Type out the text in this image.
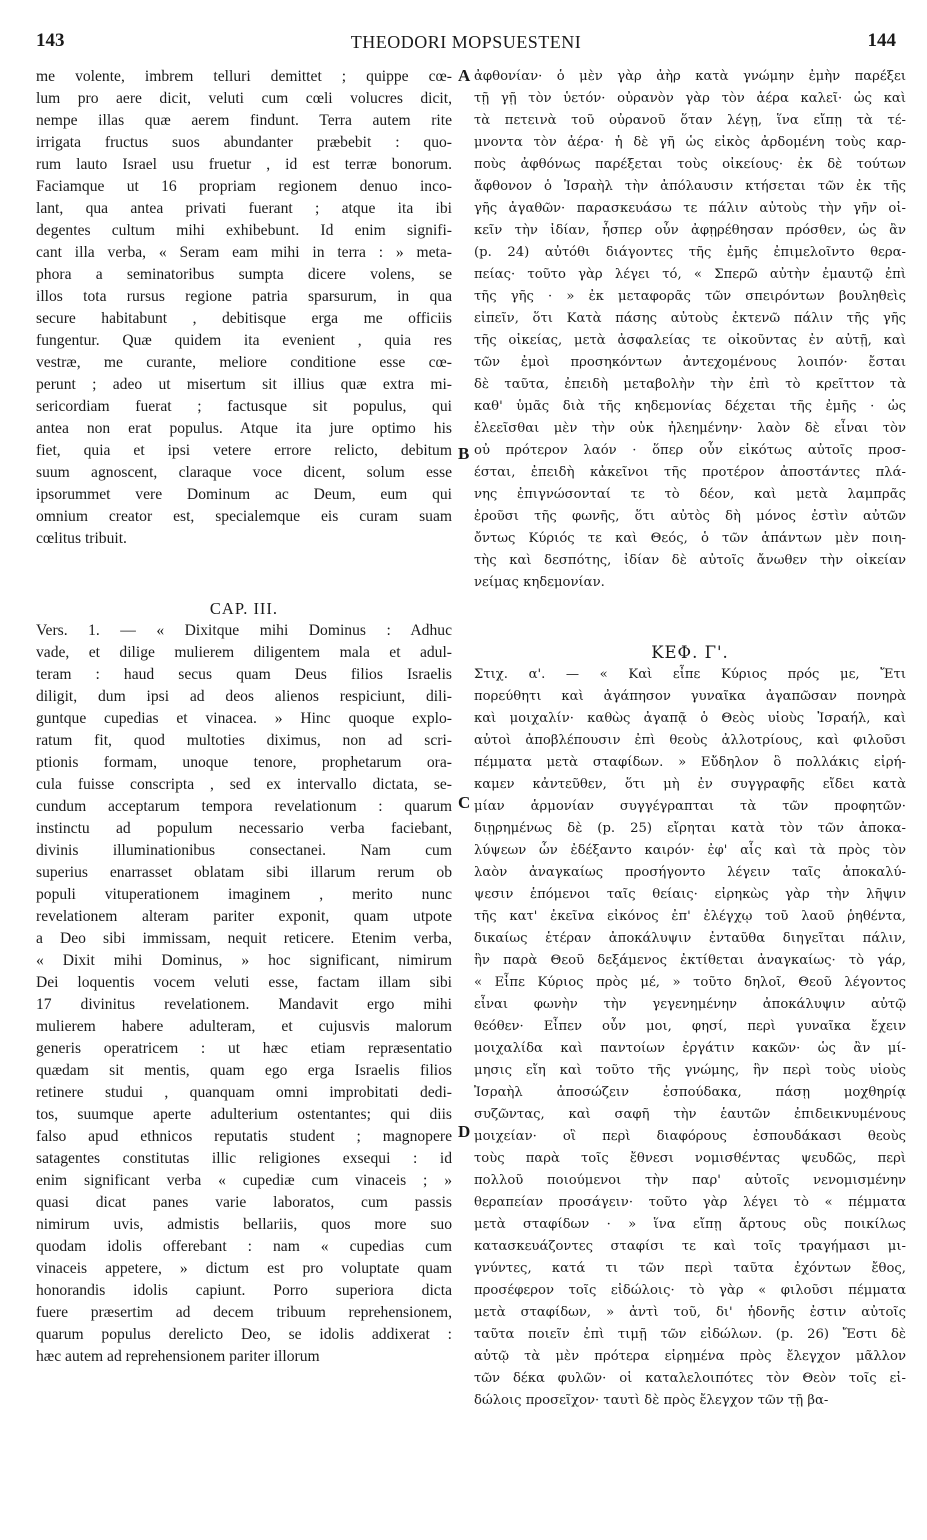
143	THEODORI MOPSUESTENI	144
A
B
C
D
me volente, imbrem telluri demittet ; quippe cœ-
lum pro aere dicit, veluti cum cœli volucres dicit,
nempe illas quæ aerem findunt. Terra autem rite
irrigata fructus suos abundanter præbebit : quo-
rum lauto Israel usu fruetur , id est terræ bonorum.
Faciamque ut 16 propriam regionem denuo inco-
lant, qua antea privati fuerant ; atque ita ibi
degentes cultum mihi exhibebunt. Id enim signifi-
cant illa verba, « Seram eam mihi in terra : » meta-
phora a seminatoribus sumpta dicere volens, se
illos tota rursus regione patria sparsurum, in qua
secure habitabunt , debitisque erga me officiis
fungentur. Quæ quidem ita evenient , quia res
vestræ, me curante, meliore conditione esse cœ-
perunt ; adeo ut misertum sit illius quæ extra mi-
sericordiam fuerat ; factusque sit populus, qui
antea non erat populus. Atque ita jure optimo his
fiet, quia et ipsi vetere errore relicto, debitum
suum agnoscent, claraque voce dicent, solum esse
ipsorummet vere Dominum ac Deum, eum qui
omnium creator est, specialemque eis curam suam
cœlitus tribuit.
CAP. III.
Vers. 1. — « Dixitque mihi Dominus : Adhuc
vade, et dilige mulierem diligentem mala et adul-
teram : haud secus quam Deus filios Israelis
diligit, dum ipsi ad deos alienos respiciunt, dili-
guntque cupedias et vinacea. » Hinc quoque explo-
ratum fit, quod multoties diximus, non ad scri-
ptionis formam, unoque tenore, prophetarum ora-
cula fuisse conscripta , sed ex intervallo dictata, se-
cundum acceptarum tempora revelationum : quarum
instinctu ad populum necessario verba faciebant,
divinis illuminationibus consectanei. Nam cum
superius enarrasset oblatam sibi illarum rerum ob
populi vituperationem imaginem , merito nunc
revelationem alteram pariter exponit, quam utpote
a Deo sibi immissam, nequit reticere. Etenim verba,
« Dixit mihi Dominus, » hoc significant, nimirum
Dei loquentis vocem veluti esse, factam illam sibi
17 divinitus revelationem. Mandavit ergo mihi
mulierem habere adulteram, et cujusvis malorum
generis operatricem : ut hæc etiam repræsentatio
quædam sit mentis, quam ego erga Israelis filios
retinere studui , quanquam omni improbitati dedi-
tos, suumque aperte adulterium ostentantes; qui diis
falso apud ethnicos reputatis student ; magnopere
satagentes constitutas illic religiones exsequi : id
enim significant verba « cupediæ cum vinaceis ; »
quasi dicat panes varie laboratos, cum passis
nimirum uvis, admistis bellariis, quos more suo
quodam idolis offerebant : nam « cupedias cum
vinaceis appetere, » dictum est pro voluptate quam
honorandis idolis capiunt. Porro superiora dicta
fuere præsertim ad decem tribuum reprehensionem,
quarum populus derelicto Deo, se idolis addixerat :
hæc autem ad reprehensionem pariter illorum
ἀφθονίαν· ὁ μὲν γὰρ ἀὴρ κατὰ γνώμην ἐμὴν παρέξει
τῇ γῇ τὸν ὑετόν· οὐρανὸν γὰρ τὸν ἀέρα καλεῖ· ὡς καὶ
τὰ πετεινὰ τοῦ οὐρανοῦ ὅταν λέγῃ, ἵνα εἴπῃ τὰ τέ-
μνοντα τὸν ἀέρα· ἡ δὲ γῆ ὡς εἰκὸς ἀρδομένη τοὺς καρ-
ποὺς ἀφθόνως παρέξεται τοὺς οἰκείους· ἐκ δὲ τούτων
ἄφθονον ὁ Ἰσραὴλ τὴν ἀπόλαυσιν κτήσεται τῶν ἐκ τῆς
γῆς ἀγαθῶν· παρασκευάσω τε πάλιν αὐτοὺς τὴν γῆν οἰ-
κεῖν τὴν ἰδίαν, ἧσπερ οὖν ἀφῃρέθησαν πρόσθεν, ὡς ἂν
(p. 24) αὐτόθι διάγοντες τῆς ἐμῆς ἐπιμελοῖντο θερα-
πείας· τοῦτο γὰρ λέγει τό, « Σπερῶ αὐτὴν ἐμαυτῷ ἐπὶ
τῆς γῆς · » ἐκ μεταφορᾶς τῶν σπειρόντων βουληθεὶς
εἰπεῖν, ὅτι Κατὰ πάσης αὐτοὺς ἐκτενῶ πάλιν τῆς γῆς
τῆς οἰκείας, μετὰ ἀσφαλείας τε οἰκοῦντας ἐν αὐτῇ, καὶ
τῶν ἐμοὶ προσηκόντων ἀντεχομένους λοιπόν· ἔσται
δὲ ταῦτα, ἐπειδὴ μεταβολὴν τὴν ἐπὶ τὸ κρεῖττον τὰ
καθ' ὑμᾶς διὰ τῆς κηδεμονίας δέχεται τῆς ἐμῆς · ὡς
ἐλεεῖσθαι μὲν τὴν οὐκ ἠλεημένην· λαὸν δὲ εἶναι τὸν
οὐ πρότερον λαόν · ὅπερ οὖν εἰκότως αὐτοῖς προσ-
έσται, ἐπειδὴ κἀκεῖνοι τῆς προτέρον ἀποστάντες πλά-
νης ἐπιγνώσονταί τε τὸ δέον, καὶ μετὰ λαμπρᾶς
ἐροῦσι τῆς φωνῆς, ὅτι αὐτὸς δὴ μόνος ἐστὶν αὐτῶν
ὄντως Κύριός τε καὶ Θεός, ὁ τῶν ἁπάντων μὲν ποιη-
τὴς καὶ δεσπότης, ἰδίαν δὲ αὐτοῖς ἄνωθεν τὴν οἰκείαν
νείμας κηδεμονίαν.
ΚΕΦ. Γ'.
Στιχ. α'. — « Καὶ εἶπε Κύριος πρός με, Ἔτι
πορεύθητι καὶ ἀγάπησον γυναῖκα ἀγαπῶσαν πονηρὰ
καὶ μοιχαλίν· καθὼς ἀγαπᾷ ὁ Θεὸς υἱοὺς Ἰσραήλ, καὶ
αὐτοὶ ἀποβλέπουσιν ἐπὶ θεοὺς ἀλλοτρίους, καὶ φιλοῦσι
πέμματα μετὰ σταφίδων. » Εὔδηλον ὃ πολλάκις εἰρή-
καμεν κἀντεῦθεν, ὅτι μὴ ἐν συγγραφῆς εἴδει κατὰ
μίαν ἁρμονίαν συγγέγραπται τὰ τῶν προφητῶν·
διῃρημένως δὲ (p. 25) εἴρηται κατὰ τὸν τῶν ἀποκα-
λύψεων ὧν ἐδέξαντο καιρόν· ἐφ' αἷς καὶ τὰ πρὸς τὸν
λαὸν ἀναγκαίως προσήγοντο λέγειν ταῖς ἀποκαλύ-
ψεσιν ἑπόμενοι ταῖς θείαις· εἰρηκὼς γὰρ τὴν λῆψιν
τῆς κατ' ἐκεῖνα εἰκόνος ἐπ' ἐλέγχῳ τοῦ λαοῦ ῥηθέντα,
δικαίως ἑτέραν ἀποκάλυψιν ἐνταῦθα διηγεῖται πάλιν,
ἣν παρὰ Θεοῦ δεξάμενος ἐκτίθεται ἀναγκαίως· τὸ γάρ,
« Εἶπε Κύριος πρὸς μέ, » τοῦτο δηλοῖ, Θεοῦ λέγοντος
εἶναι φωνὴν τὴν γεγενημένην ἀποκάλυψιν αὐτῷ
θεόθεν· Εἶπεν οὖν μοι, φησί, περὶ γυναῖκα ἔχειν
μοιχαλίδα καὶ παντοίων ἐργάτιν κακῶν· ὡς ἂν μί-
μησις εἴη καὶ τοῦτο τῆς γνώμης, ἣν περὶ τοὺς υἱοὺς
Ἰσραὴλ ἀποσώζειν ἐσπούδακα, πάσῃ μοχθηρίᾳ
συζῶντας, καὶ σαφῆ τὴν ἑαυτῶν ἐπιδεικνυμένους
μοιχείαν· οἳ περὶ διαφόρους ἐσπουδάκασι θεοὺς
τοὺς παρὰ τοῖς ἔθνεσι νομισθέντας ψευδῶς, περὶ
πολλοῦ ποιούμενοι τὴν παρ' αὐτοῖς νενομισμένην
θεραπείαν προσάγειν· τοῦτο γὰρ λέγει τὸ « πέμματα
μετὰ σταφίδων · » ἵνα εἴπῃ ἄρτους οὓς ποικίλως
κατασκευάζοντες σταφίσι τε καὶ τοῖς τραγήμασι μι-
γνύντες, κατά τι τῶν περὶ ταῦτα ἐχόντων ἔθος,
προσέφερον τοῖς εἰδώλοις· τὸ γὰρ « φιλοῦσι πέμματα
μετὰ σταφίδων, » ἀντὶ τοῦ, δι' ἡδονῆς ἐστιν αὐτοῖς
ταῦτα ποιεῖν ἐπὶ τιμῇ τῶν εἰδώλων. (p. 26) Ἔστι δὲ
αὐτῷ τὰ μὲν πρότερα εἰρημένα πρὸς ἔλεγχον μᾶλλον
τῶν δέκα φυλῶν· οἱ καταλελοιπότες τὸν Θεὸν τοῖς εἰ-
δώλοις προσεῖχον· ταυτὶ δὲ πρὸς ἔλεγχον τῶν τῇ βα-
